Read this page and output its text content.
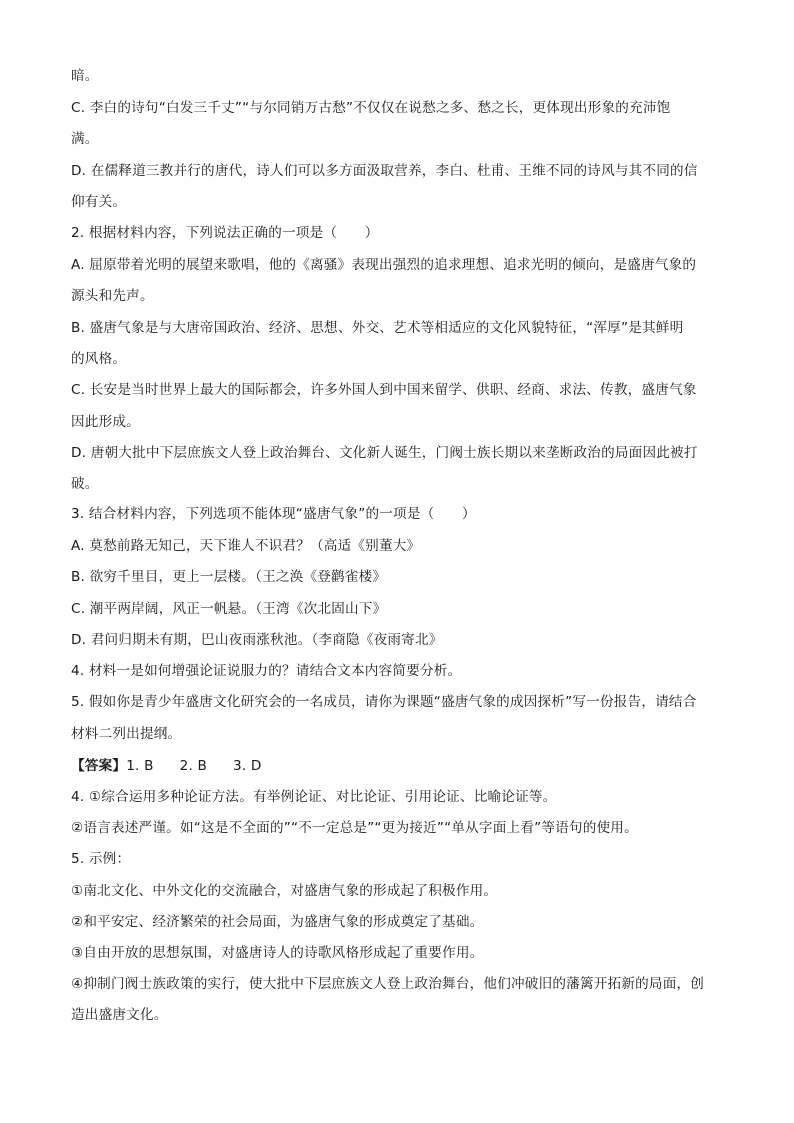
暗。
C. 李白的诗句“白发三千丈”“与尔同销万古愁”不仅仅在说愁之多、愁之长，更体现出形象的充沛饱
满。
D. 在儒释道三教并行的唐代，诗人们可以多方面汲取营养，李白、杜甫、王维不同的诗风与其不同的信
仰有关。
2. 根据材料内容，下列说法正确的一项是（　　）
A. 屈原带着光明的展望来歌唱，他的《离骚》表现出强烈的追求理想、追求光明的倾向，是盛唐气象的
源头和先声。
B. 盛唐气象是与大唐帝国政治、经济、思想、外交、艺术等相适应的文化风貌特征，“浑厚”是其鲜明
的风格。
C. 长安是当时世界上最大的国际都会，许多外国人到中国来留学、供职、经商、求法、传教，盛唐气象
因此形成。
D. 唐朝大批中下层庶族文人登上政治舞台、文化新人诞生，门阀士族长期以来垄断政治的局面因此被打
破。
3. 结合材料内容，下列选项不能体现“盛唐气象”的一项是（　　）
A. 莫愁前路无知己，天下谁人不识君？（高适《别董大》
B. 欲穷千里目，更上一层楼。（王之涣《登鹳雀楼》
C. 潮平两岸阔，风正一帆悬。（王湾《次北固山下》
D. 君问归期未有期，巴山夜雨涨秋池。（李商隐《夜雨寄北》
4. 材料一是如何增强论证说服力的？请结合文本内容简要分析。
5. 假如你是青少年盛唐文化研究会的一名成员，请你为课题“盛唐气象的成因探析”写一份报告，请结合
材料二列出提纲。
【答案】1. B 2. B 3. D
4. ①综合运用多种论证方法。有举例论证、对比论证、引用论证、比喻论证等。
②语言表述严谨。如“这是不全面的”“不一定总是”“更为接近”“单从字面上看”等语句的使用。
5. 示例：
①南北文化、中外文化的交流融合，对盛唐气象的形成起了积极作用。
②和平安定、经济繁荣的社会局面，为盛唐气象的形成奠定了基础。
③自由开放的思想氛围，对盛唐诗人的诗歌风格形成起了重要作用。
④抑制门阀士族政策的实行，使大批中下层庶族文人登上政治舞台，他们冲破旧的藩篱开拓新的局面，创
造出盛唐文化。
